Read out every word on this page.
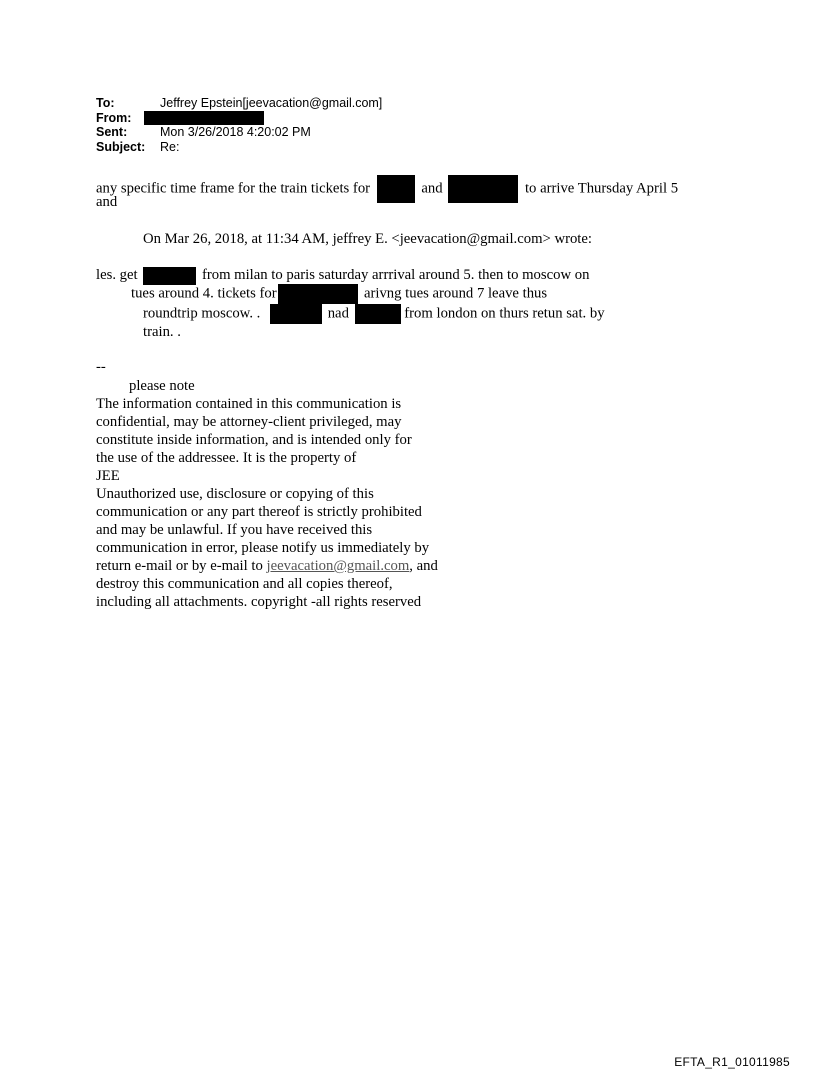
To:	Jeffrey Epstein[jeevacation@gmail.com]
From:
Sent:	Mon 3/26/2018 4:20:02 PM
Subject:	Re:
any specific time frame for the train tickets for	and	to arrive Thursday April 5
and
On Mar 26, 2018, at 11:34 AM, jeffrey E. <jeevacation@gmail.com> wrote:
les. get	from milan to paris saturday arrrival around 5. then to moscow on
tues around 4. tickets for	arivng tues around 7 leave thus
roundtrip moscow. .	nad	from london on thurs retun sat. by
train. .
--
please note
The information contained in this communication is
confidential, may be attorney-client privileged, may
constitute inside information, and is intended only for
the use of the addressee. It is the property of
JEE
Unauthorized use, disclosure or copying of this
communication or any part thereof is strictly prohibited
and may be unlawful. If you have received this
communication in error, please notify us immediately by
return e-mail or by e-mail to jeevacation@gmail.com, and
destroy this communication and all copies thereof,
including all attachments. copyright -all rights reserved
EFTA_R1_01011985
